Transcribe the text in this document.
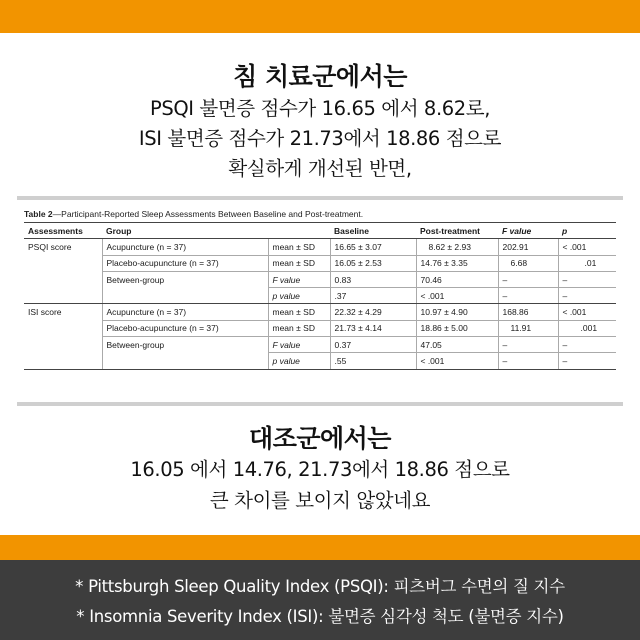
침 치료군에서는
PSQI 불면증 점수가 16.65 에서 8.62로,
ISI 불면증 점수가 21.73에서 18.86 점으로
확실하게 개선된 반면,
Table 2—Participant-Reported Sleep Assessments Between Baseline and Post-treatment.
Assessments	Group		Baseline	Post-treatment	F value	p
PSQI score	Acupuncture (n = 37)	mean ± SD	16.65 ± 3.07	8.62 ± 2.93	202.91	< .001
	Placebo-acupuncture (n = 37)	mean ± SD	16.05 ± 2.53	14.76 ± 3.35	6.68	.01
	Between-group	F value	0.83	70.46	–	–
		p value	.37	< .001	–	–
ISI score	Acupuncture (n = 37)	mean ± SD	22.32 ± 4.29	10.97 ± 4.90	168.86	< .001
	Placebo-acupuncture (n = 37)	mean ± SD	21.73 ± 4.14	18.86 ± 5.00	11.91	.001
	Between-group	F value	0.37	47.05	–	–
		p value	.55	< .001	–	–
대조군에서는
16.05 에서 14.76, 21.73에서 18.86 점으로
큰 차이를 보이지 않았네요
* Pittsburgh Sleep Quality Index (PSQI): 피츠버그 수면의 질 지수
* Insomnia Severity Index (ISI): 불면증 심각성 척도 (불면증 지수)
